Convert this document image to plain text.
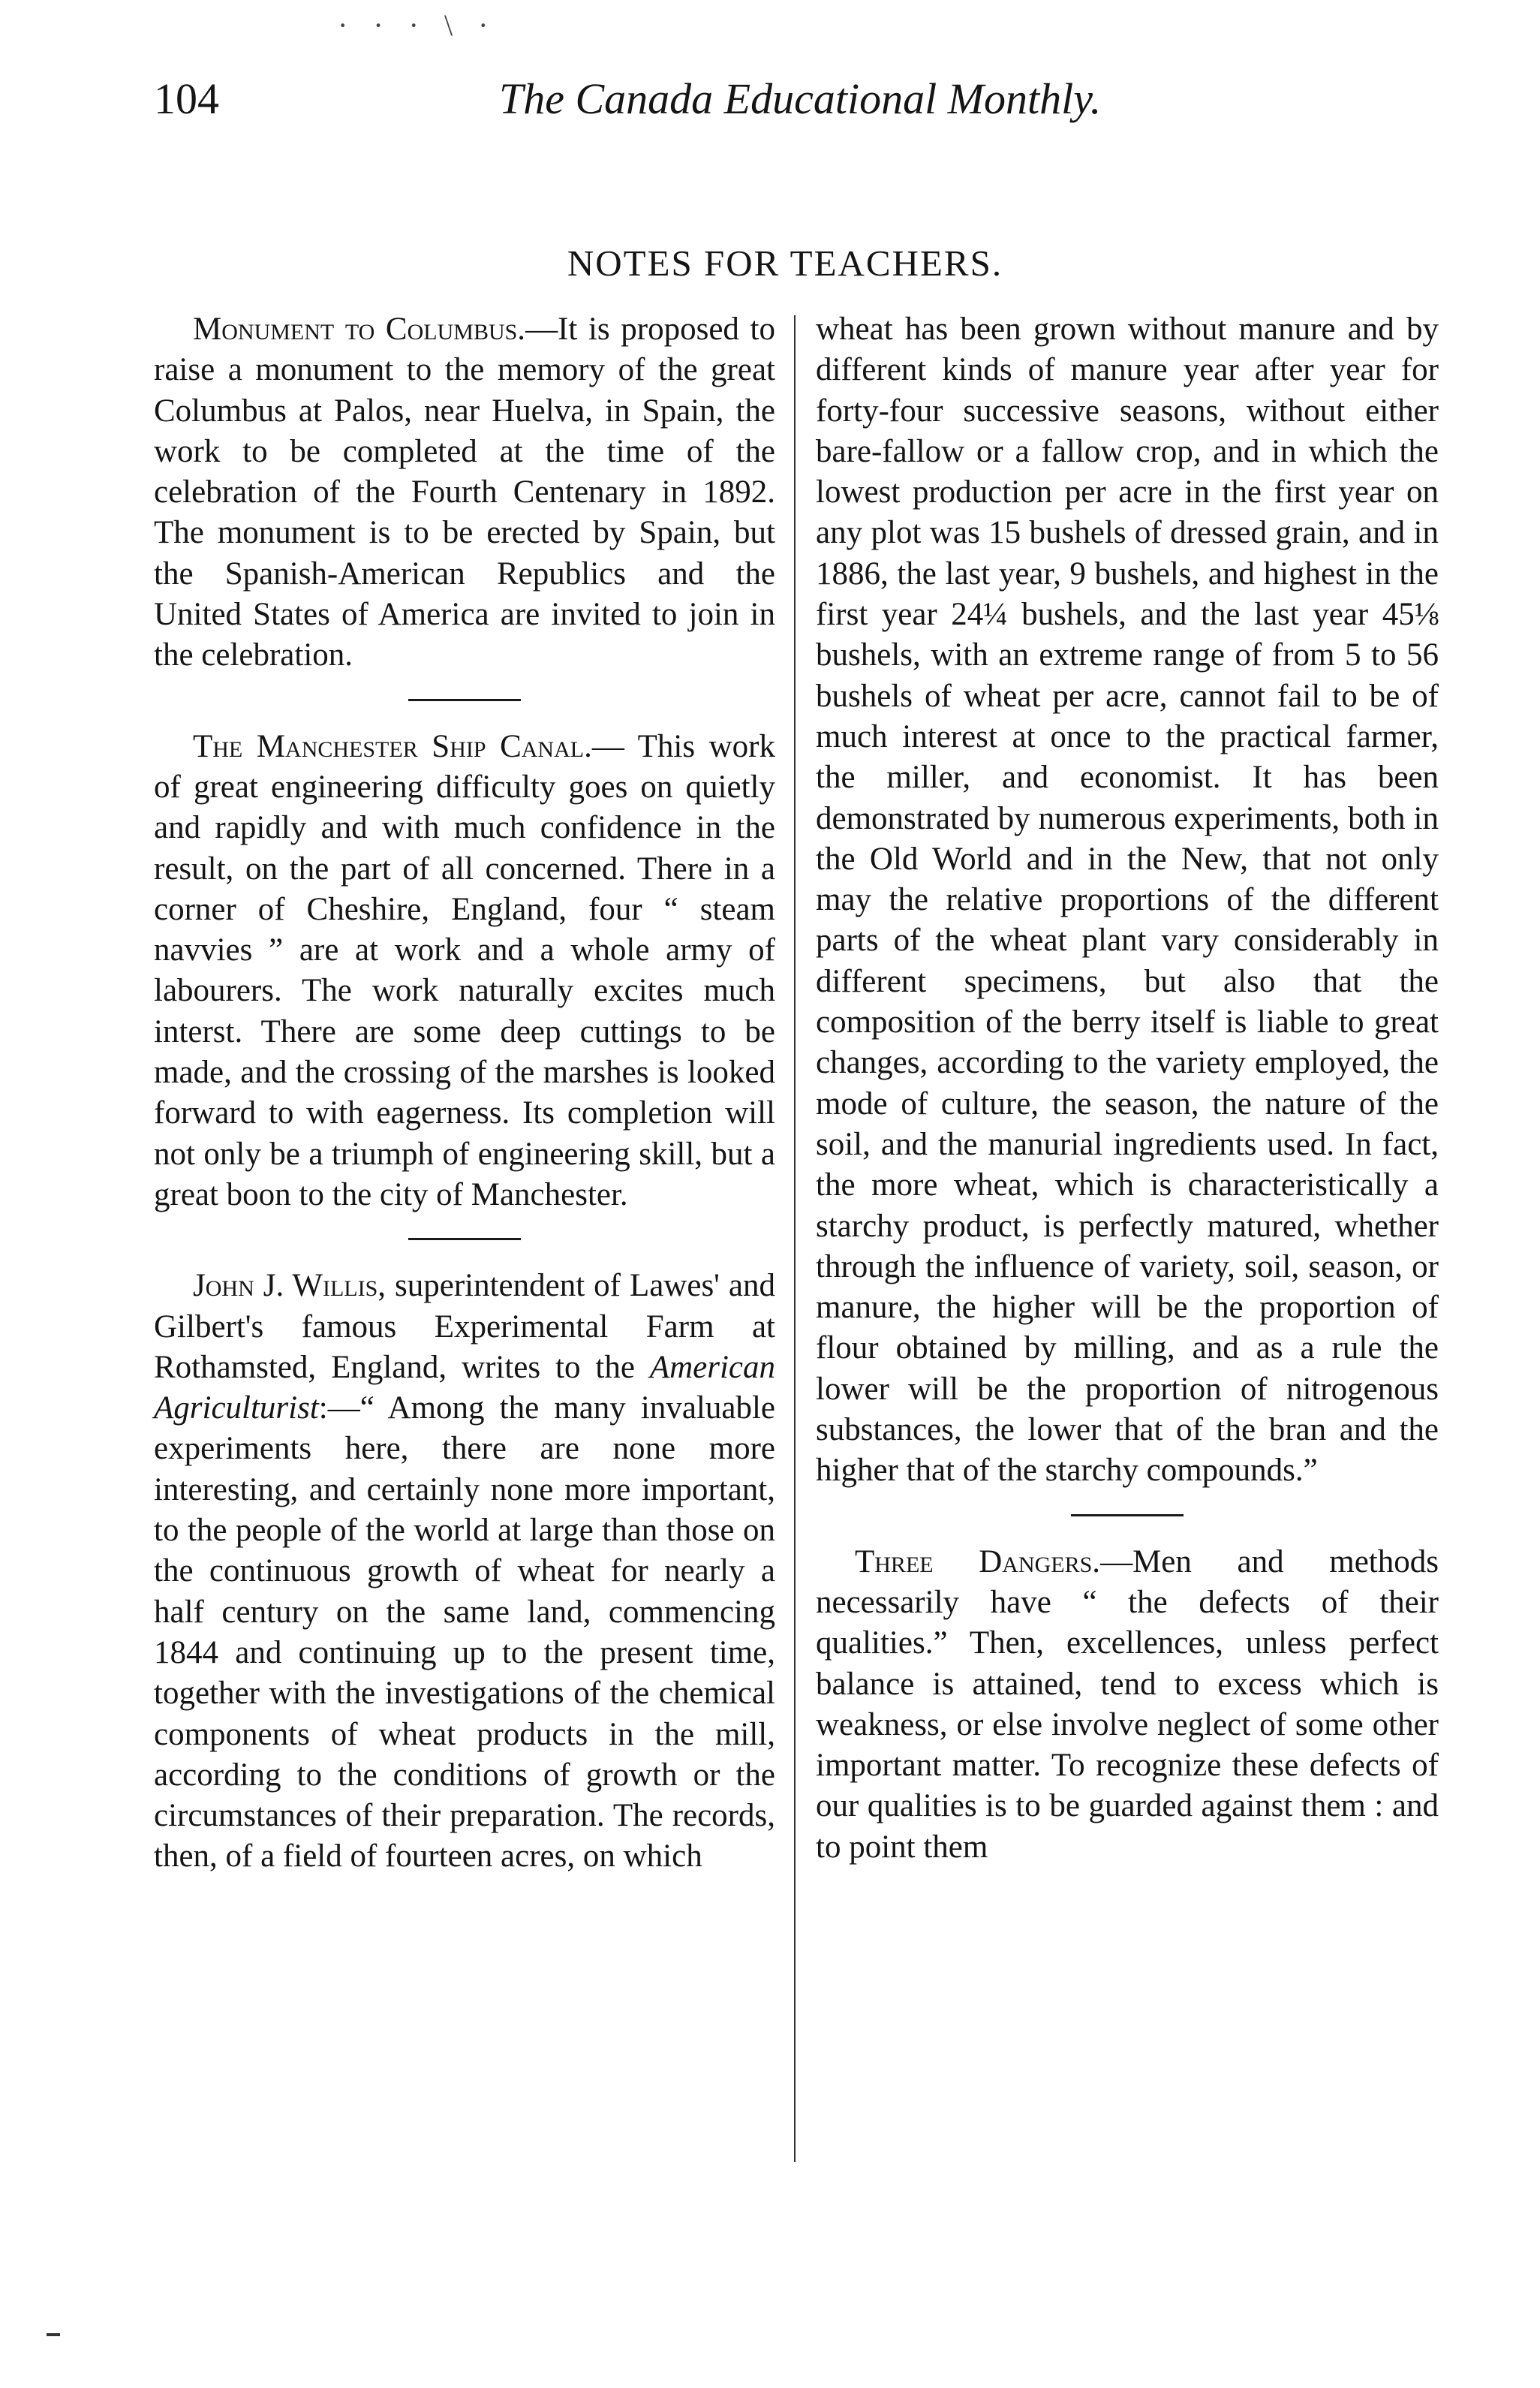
· · · \ ·
104	The Canada Educational Monthly.
NOTES FOR TEACHERS.

Monument to Columbus.—It is proposed to raise a monument to the memory of the great Columbus at Palos, near Huelva, in Spain, the work to be completed at the time of the celebration of the Fourth Centenary in 1892. The monument is to be erected by Spain, but the Spanish-American Republics and the United States of America are invited to join in the celebration.

The Manchester Ship Canal.— This work of great engineering difficulty goes on quietly and rapidly and with much confidence in the result, on the part of all concerned. There in a corner of Cheshire, England, four “ steam navvies ” are at work and a whole army of labourers. The work naturally excites much interst. There are some deep cuttings to be made, and the crossing of the marshes is looked forward to with eagerness. Its completion will not only be a triumph of engineering skill, but a great boon to the city of Manchester.

John J. Willis, superintendent of Lawes' and Gilbert's famous Experimental Farm at Rothamsted, England, writes to the American Agriculturist:—“ Among the many invaluable experiments here, there are none more interesting, and certainly none more important, to the people of the world at large than those on the continuous growth of wheat for nearly a half century on the same land, commencing 1844 and continuing up to the present time, together with the investigations of the chemical components of wheat products in the mill, according to the conditions of growth or the circumstances of their preparation. The records, then, of a field of fourteen acres, on which

wheat has been grown without manure and by different kinds of manure year after year for forty-four successive seasons, without either bare-fallow or a fallow crop, and in which the lowest production per acre in the first year on any plot was 15 bushels of dressed grain, and in 1886, the last year, 9 bushels, and highest in the first year 24¼ bushels, and the last year 45⅛ bushels, with an extreme range of from 5 to 56 bushels of wheat per acre, cannot fail to be of much interest at once to the practical farmer, the miller, and economist. It has been demonstrated by numerous experiments, both in the Old World and in the New, that not only may the relative proportions of the different parts of the wheat plant vary considerably in different specimens, but also that the composition of the berry itself is liable to great changes, according to the variety employed, the mode of culture, the season, the nature of the soil, and the manurial ingredients used. In fact, the more wheat, which is characteristically a starchy product, is perfectly matured, whether through the influence of variety, soil, season, or manure, the higher will be the proportion of flour obtained by milling, and as a rule the lower will be the proportion of nitrogenous substances, the lower that of the bran and the higher that of the starchy compounds.”

Three Dangers.—Men and methods necessarily have “ the defects of their qualities.” Then, excellences, unless perfect balance is attained, tend to excess which is weakness, or else involve neglect of some other important matter. To recognize these defects of our qualities is to be guarded against them : and to point them
